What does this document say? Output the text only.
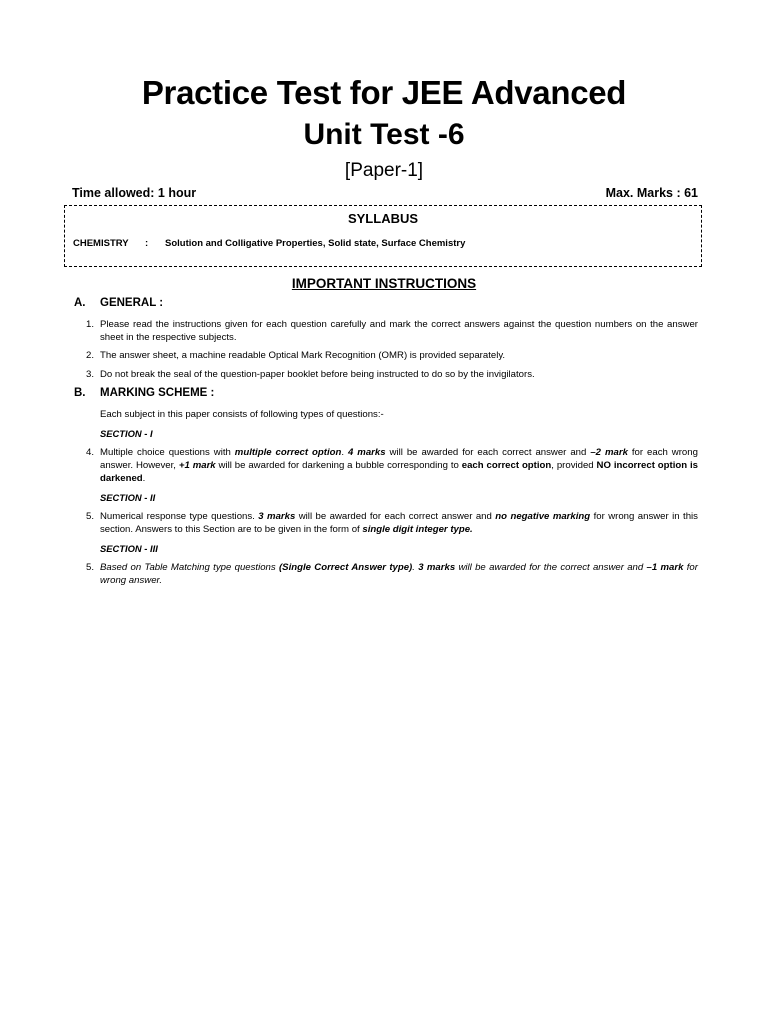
Practice Test for JEE Advanced
Unit Test -6
[Paper-1]
Time allowed: 1 hour	Max. Marks : 61
SYLLABUS
CHEMISTRY : Solution and Colligative Properties, Solid state, Surface Chemistry
IMPORTANT INSTRUCTIONS
A. GENERAL :
1. Please read the instructions given for each question carefully and mark the correct answers against the question numbers on the answer sheet in the respective subjects.
2. The answer sheet, a machine readable Optical Mark Recognition (OMR) is provided separately.
3. Do not break the seal of the question-paper booklet before being instructed to do so by the invigilators.
B. MARKING SCHEME :
Each subject in this paper consists of following types of questions:-
SECTION - I
4. Multiple choice questions with multiple correct option. 4 marks will be awarded for each correct answer and –2 mark for each wrong answer. However, +1 mark will be awarded for darkening a bubble corresponding to each correct option, provided NO incorrect option is darkened.
SECTION - II
5. Numerical response type questions. 3 marks will be awarded for each correct answer and no negative marking for wrong answer in this section. Answers to this Section are to be given in the form of single digit integer type.
SECTION - III
5. Based on Table Matching type questions (Single Correct Answer type). 3 marks will be awarded for the correct answer and –1 mark for wrong answer.
